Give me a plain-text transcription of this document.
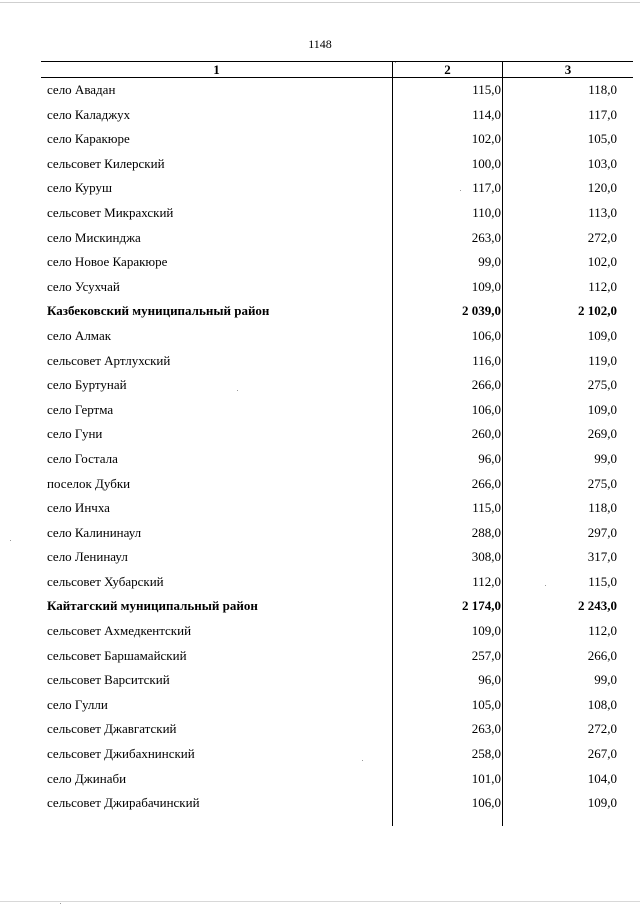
1148
1	2	3
село Авадан	115,0	118,0
село Каладжух	114,0	117,0
село Каракюре	102,0	105,0
сельсовет Килерский	100,0	103,0
село Куруш	117,0	120,0
сельсовет Микрахский	110,0	113,0
село Мискинджа	263,0	272,0
село Новое Каракюре	99,0	102,0
село Усухчай	109,0	112,0
Казбековский муниципальный район	2 039,0	2 102,0
село Алмак	106,0	109,0
сельсовет Артлухский	116,0	119,0
село Буртунай	266,0	275,0
село Гертма	106,0	109,0
село Гуни	260,0	269,0
село Гостала	96,0	99,0
поселок Дубки	266,0	275,0
село Инчха	115,0	118,0
село Калининаул	288,0	297,0
село Ленинаул	308,0	317,0
сельсовет Хубарский	112,0	115,0
Кайтагский муниципальный район	2 174,0	2 243,0
сельсовет Ахмедкентский	109,0	112,0
сельсовет Баршамайский	257,0	266,0
сельсовет Варситский	96,0	99,0
село Гулли	105,0	108,0
сельсовет Джавгатский	263,0	272,0
сельсовет Джибахнинский	258,0	267,0
село Джинаби	101,0	104,0
сельсовет Джирабачинский	106,0	109,0
